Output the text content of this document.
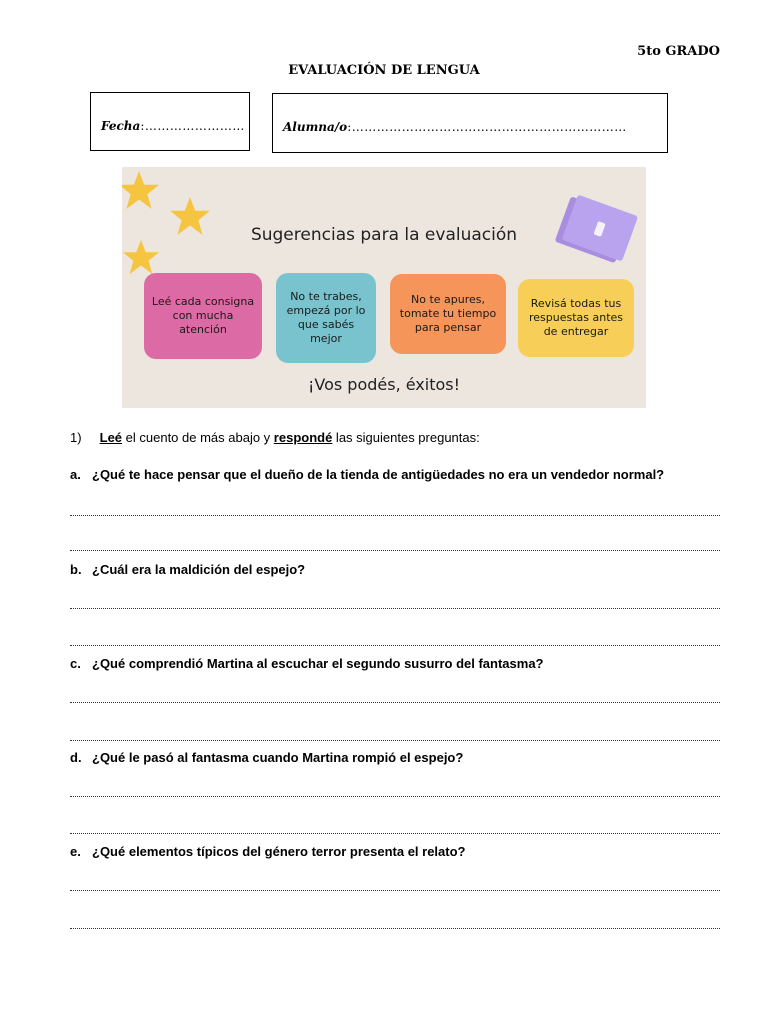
5to GRADO
EVALUACIÓN DE LENGUA
Fecha:……………………	Alumna/o:…………………………………………………………
Sugerencias para la evaluación
Leé cada consigna con mucha atención
No te trabes, empezá por lo que sabés mejor
No te apures, tomate tu tiempo para pensar
Revisá todas tus respuestas antes de entregar
¡Vos podés, éxitos!
1) Leé el cuento de más abajo y respondé las siguientes preguntas:
a. ¿Qué te hace pensar que el dueño de la tienda de antigüedades no era un vendedor normal?
b. ¿Cuál era la maldición del espejo?
c. ¿Qué comprendió Martina al escuchar el segundo susurro del fantasma?
d. ¿Qué le pasó al fantasma cuando Martina rompió el espejo?
e. ¿Qué elementos típicos del género terror presenta el relato?
